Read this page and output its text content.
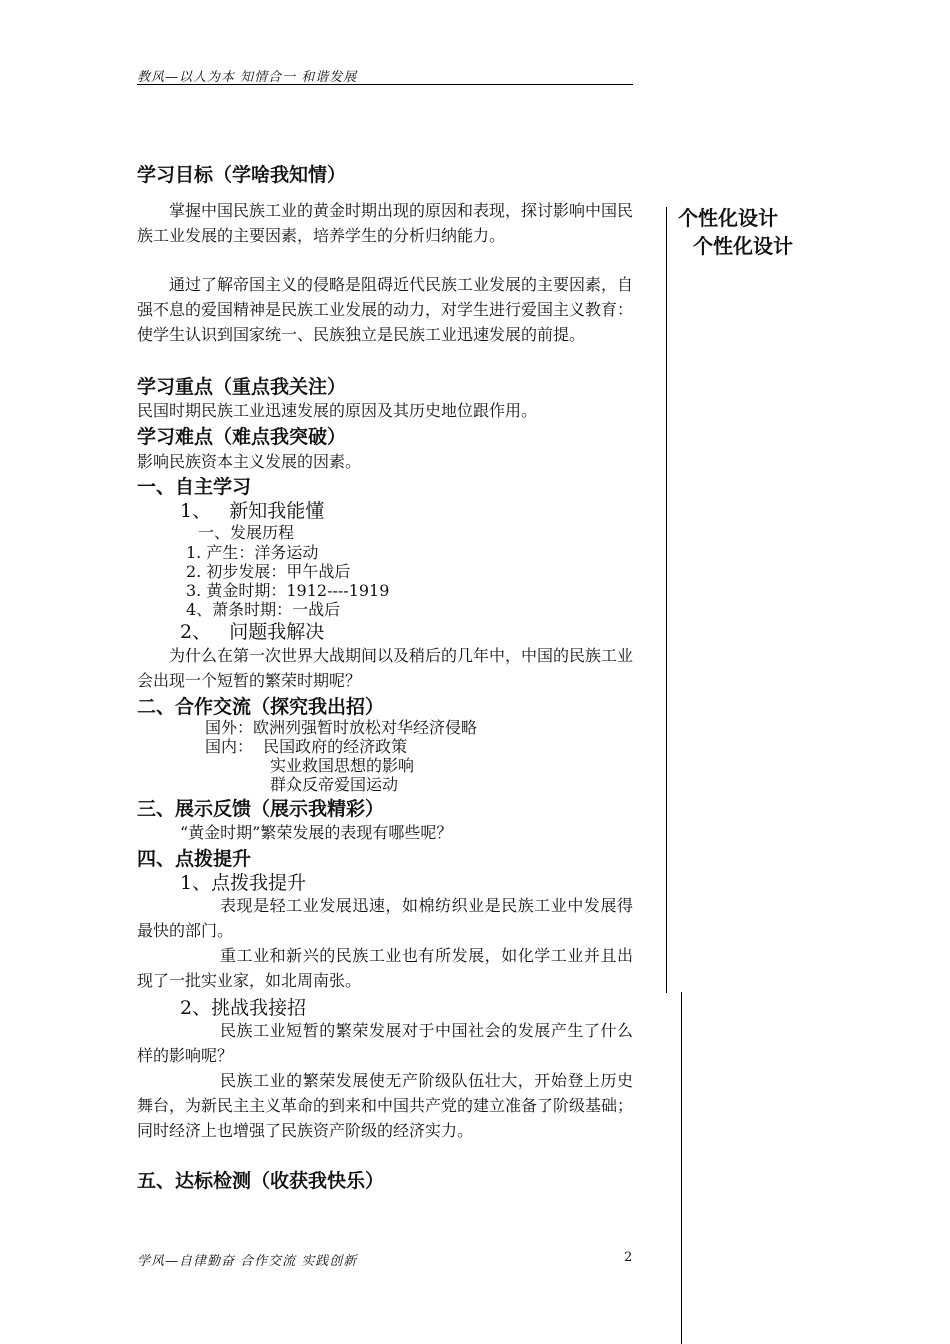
教风—以人为本 知情合一 和谐发展
个性化设计
个性化设计
学习目标（学啥我知情）
掌握中国民族工业的黄金时期出现的原因和表现，探讨影响中国民族工业发展的主要因素，培养学生的分析归纳能力。
通过了解帝国主义的侵略是阻碍近代民族工业发展的主要因素，自强不息的爱国精神是民族工业发展的动力，对学生进行爱国主义教育：使学生认识到国家统一、民族独立是民族工业迅速发展的前提。
学习重点（重点我关注）
民国时期民族工业迅速发展的原因及其历史地位跟作用。
学习难点（难点我突破）
影响民族资本主义发展的因素。
一、自主学习
1、   新知我能懂
一、发展历程
1. 产生：洋务运动
2. 初步发展：甲午战后
3. 黄金时期：1912----1919
4、萧条时期：一战后
2、   问题我解决
为什么在第一次世界大战期间以及稍后的几年中，中国的民族工业会出现一个短暂的繁荣时期呢？
二、合作交流（探究我出招）
国外：欧洲列强暂时放松对华经济侵略
国内：  民国政府的经济政策
实业救国思想的影响
群众反帝爱国运动
三、展示反馈（展示我精彩）
“黄金时期”繁荣发展的表现有哪些呢？
四、点拨提升
1、点拨我提升
表现是轻工业发展迅速，如棉纺织业是民族工业中发展得最快的部门。
重工业和新兴的民族工业也有所发展，如化学工业并且出现了一批实业家，如北周南张。
2、挑战我接招
民族工业短暂的繁荣发展对于中国社会的发展产生了什么样的影响呢？
民族工业的繁荣发展使无产阶级队伍壮大，开始登上历史舞台，为新民主主义革命的到来和中国共产党的建立准备了阶级基础；同时经济上也增强了民族资产阶级的经济实力。
五、达标检测（收获我快乐）
学风—自律勤奋 合作交流 实践创新	2
